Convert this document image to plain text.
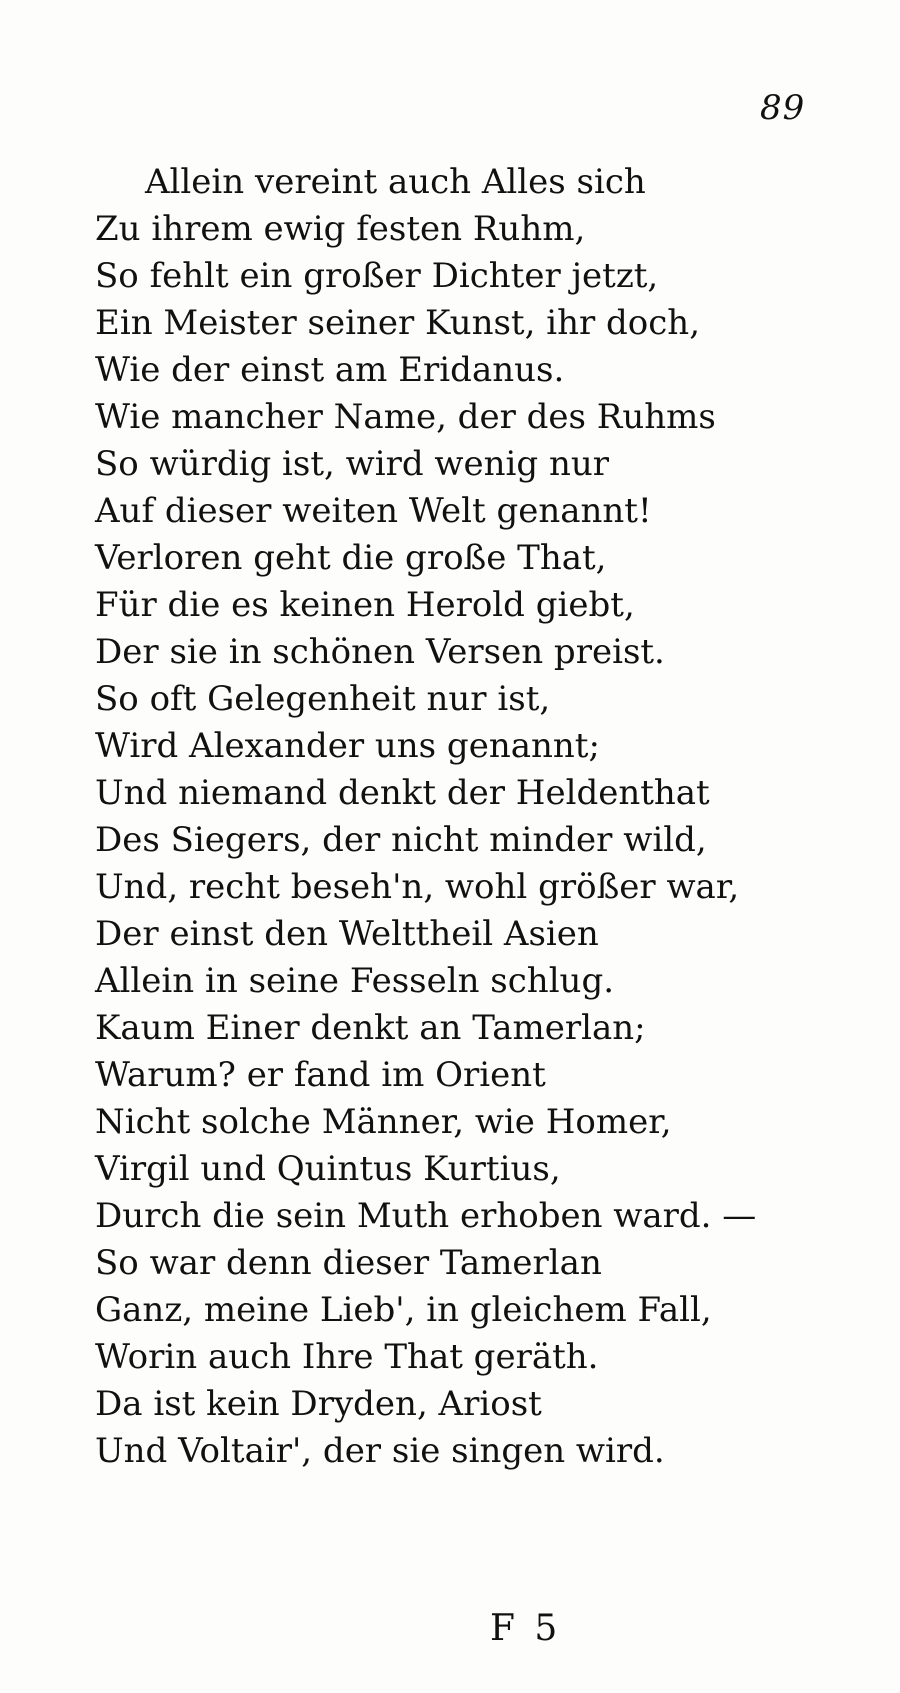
89
Allein vereint auch Alles sich
Zu ihrem ewig festen Ruhm,
So fehlt ein großer Dichter jetzt,
Ein Meister seiner Kunst, ihr doch,
Wie der einst am Eridanus.
Wie mancher Name, der des Ruhms
So würdig ist, wird wenig nur
Auf dieser weiten Welt genannt!
Verloren geht die große That,
Für die es keinen Herold giebt,
Der sie in schönen Versen preist.
So oft Gelegenheit nur ist,
Wird Alexander uns genannt;
Und niemand denkt der Heldenthat
Des Siegers, der nicht minder wild,
Und, recht beseh'n, wohl größer war,
Der einst den Welttheil Asien
Allein in seine Fesseln schlug.
Kaum Einer denkt an Tamerlan;
Warum? er fand im Orient
Nicht solche Männer, wie Homer,
Virgil und Quintus Kurtius,
Durch die sein Muth erhoben ward. —
So war denn dieser Tamerlan
Ganz, meine Lieb', in gleichem Fall,
Worin auch Ihre That geräth.
Da ist kein Dryden, Ariost
Und Voltair', der sie singen wird.
F 5
